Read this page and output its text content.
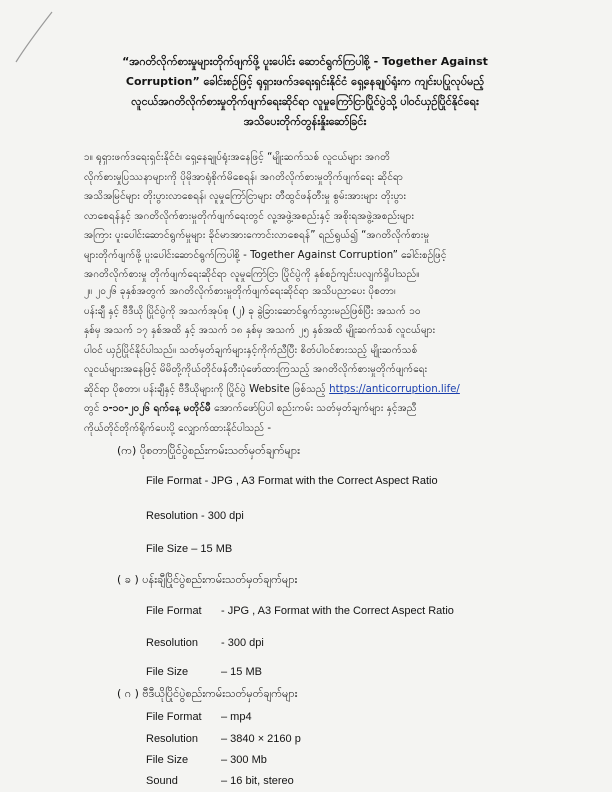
“အဂတိလိုက်စားမှုများတိုက်ဖျက်ဖို့ ပူးပေါင်း ဆောင်ရွက်ကြပါစို့ - Together Against

Corruption” ခေါင်းစဉ်ဖြင့် ရုရှားဖက်ဒရေးရှင်းနိုင်ငံ ရှေ့နေချုပ်ရုံးက ကျင်းပပြုလုပ်မည့်

လူငယ်အဂတိလိုက်စားမှုတိုက်ဖျက်ရေးဆိုင်ရာ လူမှုကြော်ငြာပြိုင်ပွဲသို့ ပါဝင်ယှဉ်ပြိုင်နိုင်ရေး

အသိပေးတိုက်တွန်းနှိုးဆော်ခြင်း

၁။ ရုရှားဖက်ဒရေးရှင်းနိုင်ငံ၊ ရှေ့နေချုပ်ရုံးအနေဖြင့် “မျိုးဆက်သစ် လူငယ်များ အဂတိ

လိုက်စားမှုပြဿနာများကို ပိုမိုအာရုံစိုက်မိစေရန်၊ အဂတိလိုက်စားမှုတိုက်ဖျက်ရေး ဆိုင်ရာ

အသိအမြင်များ တိုးပွားလာစေရန်၊ လူမှုကြော်ငြာများ တီထွင်ဖန်တီးမှု စွမ်းအားများ တိုးပွား

လာစေရန်နှင့် အဂတိလိုက်စားမှုတိုက်ဖျက်ရေးတွင် လူ့အဖွဲ့အစည်းနှင့် အစိုးရအဖွဲ့အစည်းများ

အကြား ပူးပေါင်းဆောင်ရွက်မှုများ ခိုင်မာအားကောင်းလာစေရန်” ရည်ရွယ်၍ “အဂတိလိုက်စားမှု

များတိုက်ဖျက်ဖို့ ပူးပေါင်းဆောင်ရွက်ကြပါစို့ - Together Against Corruption” ခေါင်းစဉ်ဖြင့်

အဂတိလိုက်စားမှု တိုက်ဖျက်ရေးဆိုင်ရာ လူမှုကြော်ငြာ ပြိုင်ပွဲကို နှစ်စဉ်ကျင်းပလျက်ရှိပါသည်။

၂။ ၂၀၂၆ ခုနှစ်အတွက် အဂတိလိုက်စားမှုတိုက်ဖျက်ရေးဆိုင်ရာ အသိပညာပေး ပိုစတာ၊

ပန်းချီ နှင့် ဗီဒီယို ပြိုင်ပွဲကို အသက်အုပ်စု (၂) ခု ခွဲခြားဆောင်ရွက်သွားမည်ဖြစ်ပြီး အသက် ၁၀

နှစ်မှ အသက် ၁၇ နှစ်အထိ နှင့် အသက် ၁၈ နှစ်မှ အသက် ၂၅ နှစ်အထိ မျိုးဆက်သစ် လူငယ်များ

ပါဝင် ယှဉ်ပြိုင်နိုင်ပါသည်။ သတ်မှတ်ချက်များနှင့်ကိုက်ညီပြီး စိတ်ပါဝင်စားသည့် မျိုးဆက်သစ်

လူငယ်များအနေဖြင့် မိမိတို့ကိုယ်တိုင်ဖန်တီးပုံဖော်ထားကြသည့် အဂတိလိုက်စားမှုတိုက်ဖျက်ရေး

ဆိုင်ရာ ပိုစတာ၊ ပန်းချီနှင့် ဗီဒီယိုများကို ပြိုင်ပွဲ Website ဖြစ်သည့် https://anticorruption.life/

တွင် ၁-၁၀-၂၀၂၆ ရက်နေ့ မတိုင်မီ အောက်ဖော်ပြပါ စည်းကမ်း သတ်မှတ်ချက်များ နှင့်အညီ

ကိုယ်တိုင်တိုက်ရိုက်ပေးပို့ လျှောက်ထားနိုင်ပါသည် -

(က) ပိုစတာပြိုင်ပွဲစည်းကမ်းသတ်မှတ်ချက်များ
File Format - JPG , A3 Format with the Correct Aspect Ratio
Resolution - 300 dpi
File Size – 15 MB
( ခ ) ပန်းချီပြိုင်ပွဲစည်းကမ်းသတ်မှတ်ချက်များ
File Format - JPG , A3 Format with the Correct Aspect Ratio
Resolution - 300 dpi
File Size	– 15 MB
( ဂ ) ဗီဒီယိုပြိုင်ပွဲစည်းကမ်းသတ်မှတ်ချက်များ
File Format – mp4
Resolution – 3840 × 2160 p
File Size	– 300 Mb
Sound	– 16 bit, stereo
